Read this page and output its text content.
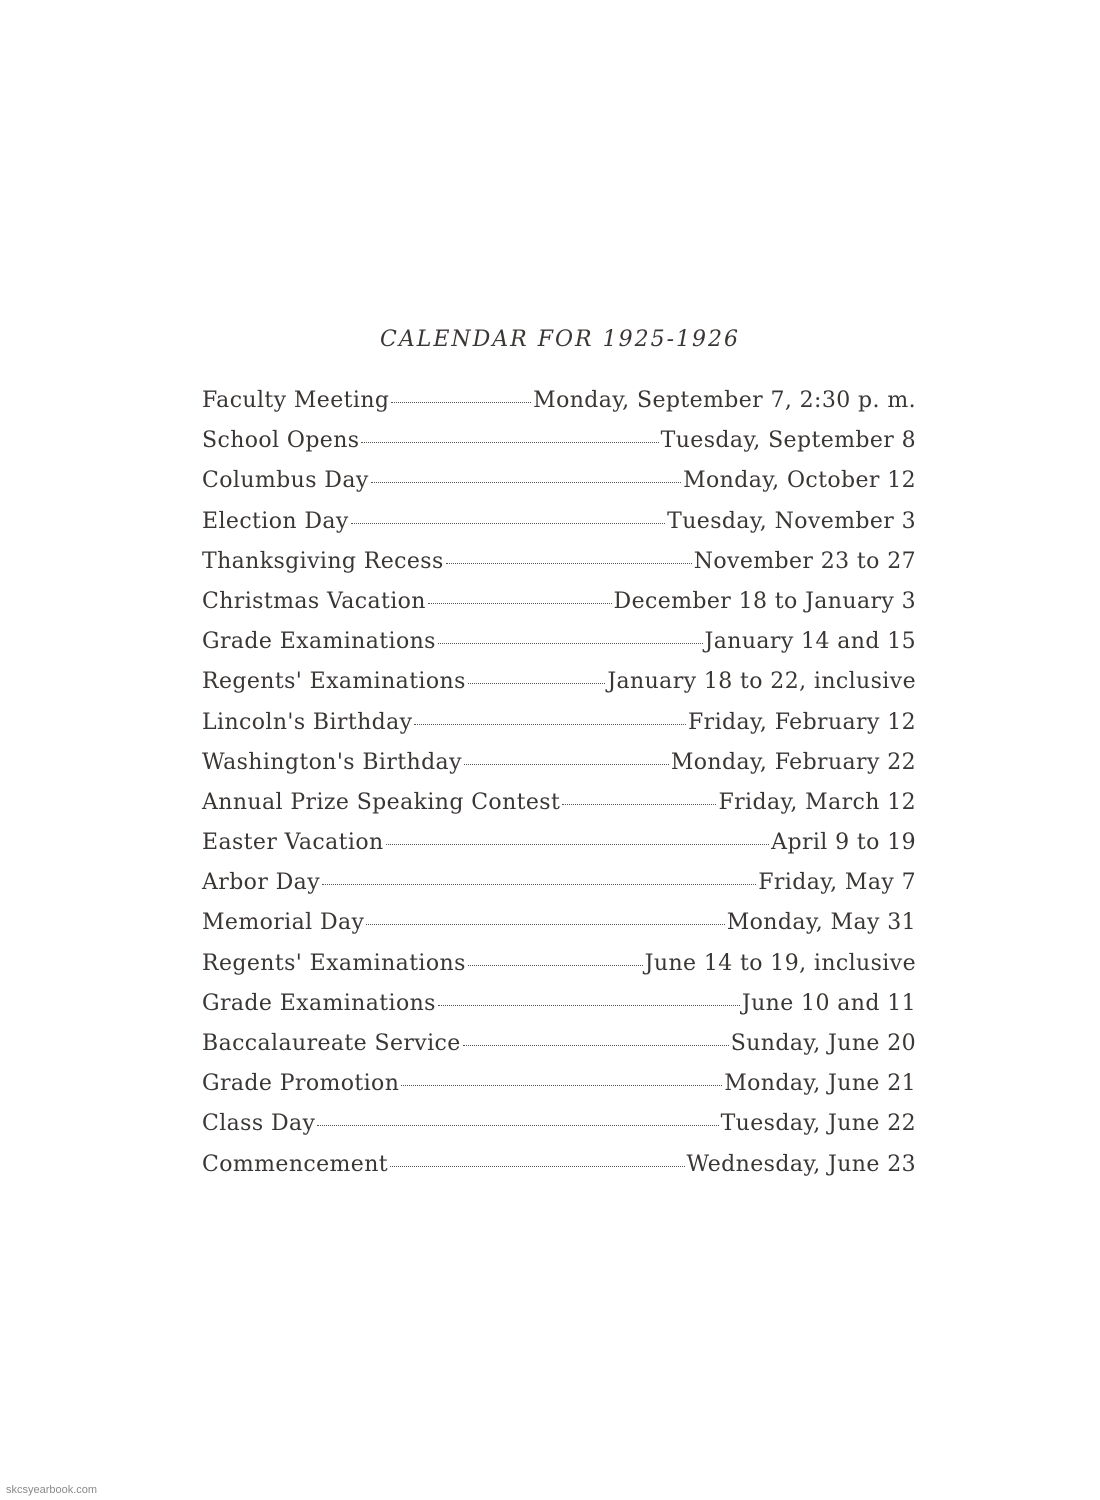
CALENDAR FOR 1925-1926
Faculty Meeting	Monday, September 7, 2:30 p. m.
School Opens	Tuesday, September 8
Columbus Day	Monday, October 12
Election Day	Tuesday, November 3
Thanksgiving Recess	November 23 to 27
Christmas Vacation	December 18 to January 3
Grade Examinations	January 14 and 15
Regents' Examinations	January 18 to 22, inclusive
Lincoln's Birthday	Friday, February 12
Washington's Birthday	Monday, February 22
Annual Prize Speaking Contest	Friday, March 12
Easter Vacation	April 9 to 19
Arbor Day	Friday, May 7
Memorial Day	Monday, May 31
Regents' Examinations	June 14 to 19, inclusive
Grade Examinations	June 10 and 11
Baccalaureate Service	Sunday, June 20
Grade Promotion	Monday, June 21
Class Day	Tuesday, June 22
Commencement	Wednesday, June 23
skcsyearbook.com
